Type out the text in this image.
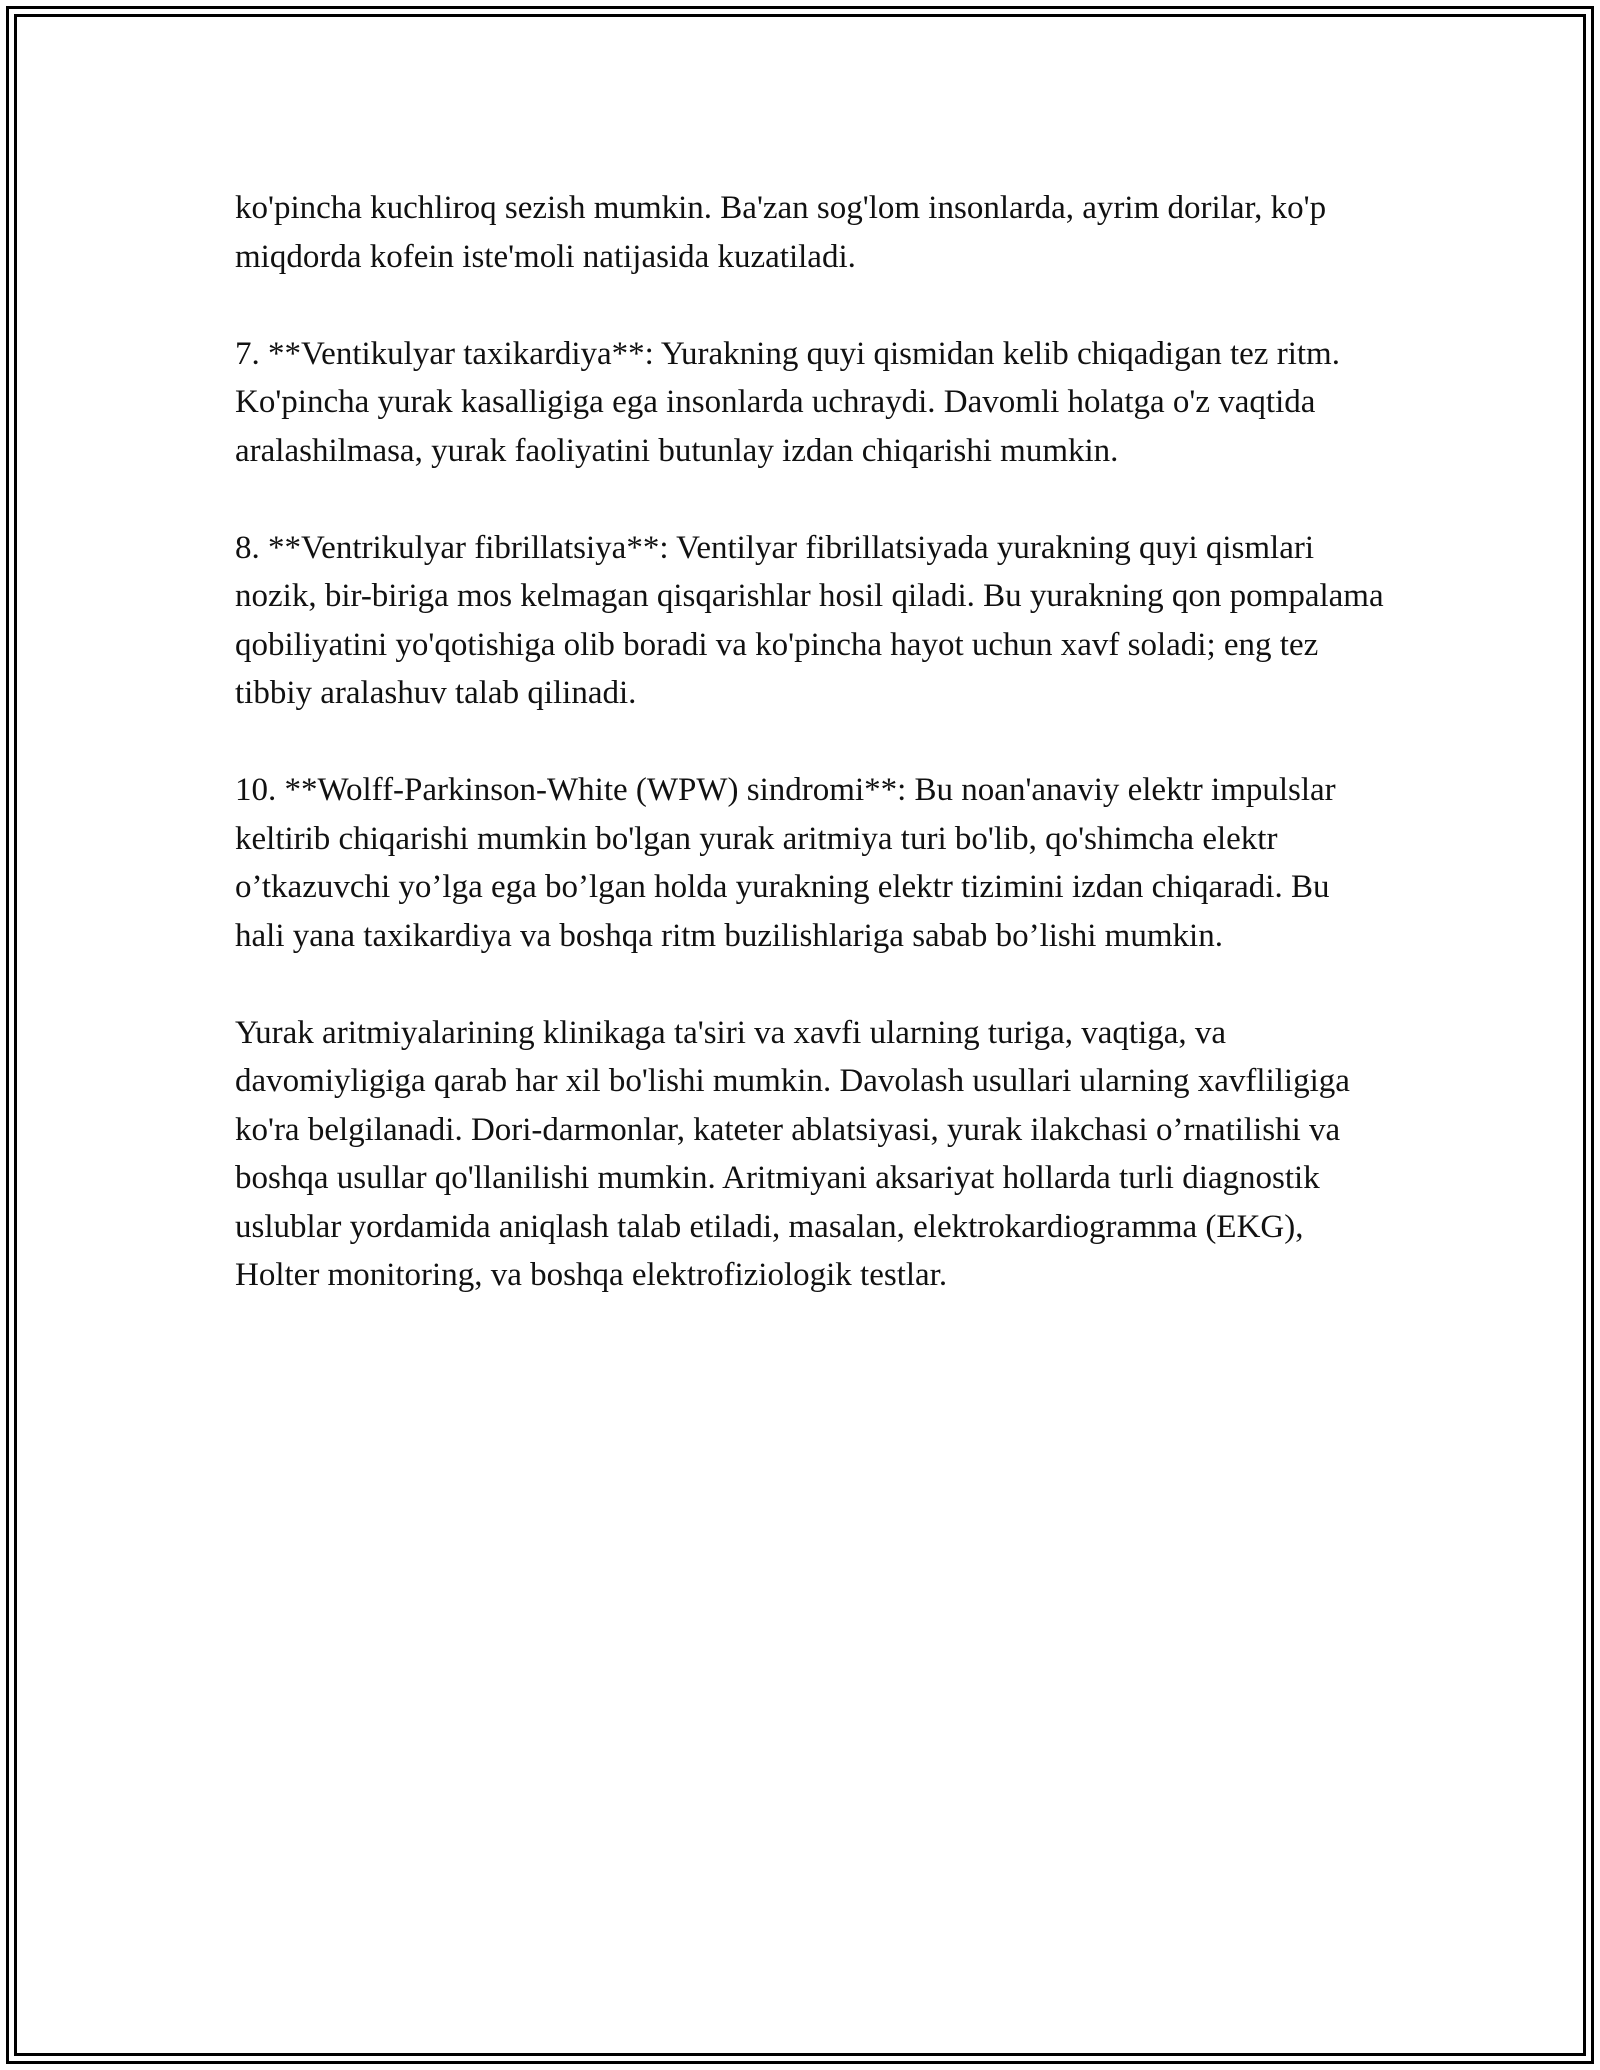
ko'pincha kuchliroq sezish mumkin. Ba'zan sog'lom insonlarda, ayrim dorilar, ko'p miqdorda kofein iste'moli natijasida kuzatiladi.

7. **Ventikulyar taxikardiya**: Yurakning quyi qismidan kelib chiqadigan tez ritm. Ko'pincha yurak kasalligiga ega insonlarda uchraydi. Davomli holatga o'z vaqtida aralashilmasa, yurak faoliyatini butunlay izdan chiqarishi mumkin.

8. **Ventrikulyar fibrillatsiya**: Ventilyar fibrillatsiyada yurakning quyi qismlari nozik, bir-biriga mos kelmagan qisqarishlar hosil qiladi. Bu yurakning qon pompalama qobiliyatini yo'qotishiga olib boradi va ko'pincha hayot uchun xavf soladi; eng tez tibbiy aralashuv talab qilinadi.

10. **Wolff-Parkinson-White (WPW) sindromi**: Bu noan'anaviy elektr impulslar keltirib chiqarishi mumkin bo'lgan yurak aritmiya turi bo'lib, qo'shimcha elektr o’tkazuvchi yo’lga ega bo’lgan holda yurakning elektr tizimini izdan chiqaradi. Bu hali yana taxikardiya va boshqa ritm buzilishlariga sabab bo’lishi mumkin.

Yurak aritmiyalarining klinikaga ta'siri va xavfi ularning turiga, vaqtiga, va davomiyligiga qarab har xil bo'lishi mumkin. Davolash usullari ularning xavfliligiga ko'ra belgilanadi. Dori-darmonlar, kateter ablatsiyasi, yurak ilakchasi o’rnatilishi va boshqa usullar qo'llanilishi mumkin. Aritmiyani aksariyat hollarda turli diagnostik uslublar yordamida aniqlash talab etiladi, masalan, elektrokardiogramma (EKG), Holter monitoring, va boshqa elektrofiziologik testlar.
